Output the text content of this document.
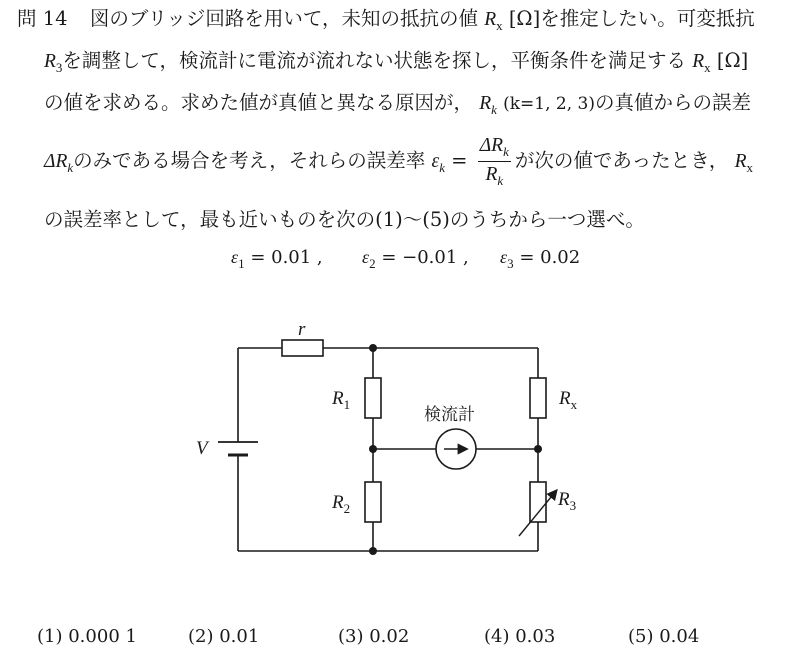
問 14 図のブリッジ回路を用いて，未知の抵抗の値 $R_x$ [Ω]を推定したい。可変抵抗
$R_3$を調整して，検流計に電流が流れない状態を探し，平衡条件を満足する $R_x$ [Ω]
の値を求める。求めた値が真値と異なる原因が， $R_k$ (k=1, 2, 3)の真値からの誤差
$\Delta R_k$のみである場合を考え，それらの誤差率 $\varepsilon_k = \frac{\Delta R_k}{R_k}$ が次の値であったとき， $R_x$
の誤差率として，最も近いものを次の(1)～(5)のうちから一つ選べ。
$\varepsilon_1 = 0.01$ , $\varepsilon_2 = -0.01$ , $\varepsilon_3 = 0.02$
r
V
$R_1$
$R_2$
$R_x$
$R_3$
検流計
(1) 0.000 1	(2) 0.01	(3) 0.02	(4) 0.03	(5) 0.04
